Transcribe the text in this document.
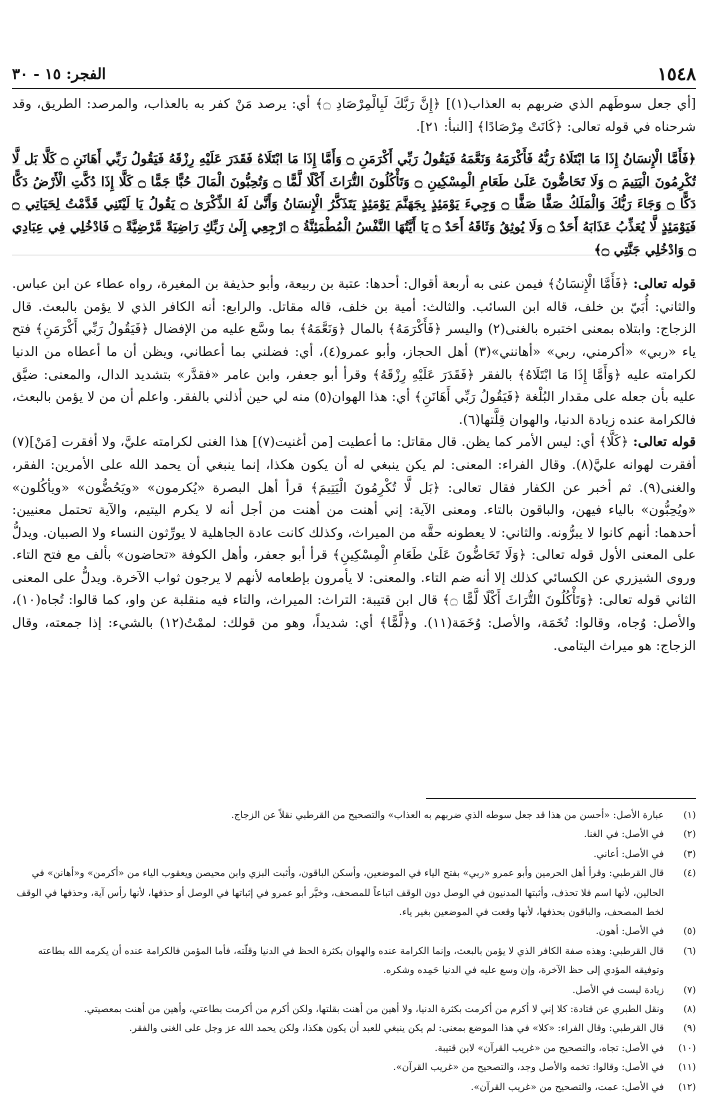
١٥٤٨
الفجر: ١٥ - ٣٠

[أي جعل سوطَهم الذي ضربهم به العذاب(١)] ﴿إِنَّ رَبَّكَ لَبِالْمِرْصَادِ ۝﴾ أي: يرصد مَنْ كفر به بالعذاب، والمرصد: الطريق، وقد شرحناه في قوله تعالى: ﴿كَانَتْ مِرْصَادًا﴾ [النبأ: ٢١].

﴿فَأَمَّا الْإِنسَانُ إِذَا مَا ابْتَلَاهُ رَبُّهُ فَأَكْرَمَهُ وَنَعَّمَهُ فَيَقُولُ رَبِّي أَكْرَمَنِ ۝ وَأَمَّا إِذَا مَا ابْتَلَاهُ فَقَدَرَ عَلَيْهِ رِزْقَهُ فَيَقُولُ رَبِّي أَهَانَنِ ۝ كَلَّا بَل لَّا تُكْرِمُونَ الْيَتِيمَ ۝ وَلَا تَحَاضُّونَ عَلَىٰ طَعَامِ الْمِسْكِينِ ۝ وَتَأْكُلُونَ التُّرَاثَ أَكْلًا لَّمًّا ۝ وَتُحِبُّونَ الْمَالَ حُبًّا جَمًّا ۝ كَلَّا إِذَا دُكَّتِ الْأَرْضُ دَكًّا دَكًّا ۝ وَجَاءَ رَبُّكَ وَالْمَلَكُ صَفًّا صَفًّا ۝ وَجِيءَ يَوْمَئِذٍ بِجَهَنَّمَ يَوْمَئِذٍ يَتَذَكَّرُ الْإِنسَانُ وَأَنَّىٰ لَهُ الذِّكْرَىٰ ۝ يَقُولُ يَا لَيْتَنِي قَدَّمْتُ لِحَيَاتِي ۝ فَيَوْمَئِذٍ لَّا يُعَذِّبُ عَذَابَهُ أَحَدٌ ۝ وَلَا يُوثِقُ وَثَاقَهُ أَحَدٌ ۝ يَا أَيَّتُهَا النَّفْسُ الْمُطْمَئِنَّةُ ۝ ارْجِعِي إِلَىٰ رَبِّكِ رَاضِيَةً مَّرْضِيَّةً ۝ فَادْخُلِي فِي عِبَادِي ۝ وَادْخُلِي جَنَّتِي ۝﴾

قوله تعالى: ﴿فَأَمَّا الْإِنسَانُ﴾ فيمن عنى به أربعة أقوال: أحدها: عتبة بن ربيعة، وأبو حذيفة بن المغيرة، رواه عطاء عن ابن عباس. والثاني: أُبَيّ بن خلف، قاله ابن السائب. والثالث: أمية بن خلف، قاله مقاتل. والرابع: أنه الكافر الذي لا يؤمن بالبعث. قال الزجاج: وابتلاه بمعنى اختبره بالغنى(٢) واليسر ﴿فَأَكْرَمَهُ﴾ بالمال ﴿وَنَعَّمَهُ﴾ بما وسَّع عليه من الإفضال ﴿فَيَقُولُ رَبِّي أَكْرَمَنِ﴾ فتح ياء «ربي» «أكرمني، ربي» «أهانني»(٣) أهل الحجاز، وأبو عمرو(٤)، أي: فضلني بما أعطاني، ويظن أن ما أعطاه من الدنيا لكرامته عليه ﴿وَأَمَّا إِذَا مَا ابْتَلَاهُ﴾ بالفقر ﴿فَقَدَرَ عَلَيْهِ رِزْقَهُ﴾ وقرأ أبو جعفر، وابن عامر «فقدَّر» بتشديد الدال، والمعنى: ضيَّق عليه بأن جعله على مقدار البُلْغة ﴿فَيَقُولُ رَبِّي أَهَانَنِ﴾ أي: هذا الهوان(٥) منه لي حين أذلني بالفقر. واعلم أن من لا يؤمن بالبعث، فالكرامة عنده زيادة الدنيا، والهوان قِلَّتها(٦).

قوله تعالى: ﴿كَلَّا﴾ أي: ليس الأمر كما يظن. قال مقاتل: ما أعطيت [من أغنيت(٧)] هذا الغنى لكرامته عليَّ، ولا أفقرت [مَنْ](٧) أفقرت لهوانه عليَّ(٨). وقال الفراء: المعنى: لم يكن ينبغي له أن يكون هكذا، إنما ينبغي أن يحمد الله على الأمرين: الفقر، والغنى(٩). ثم أخبر عن الكفار فقال تعالى: ﴿بَل لَّا تُكْرِمُونَ الْيَتِيمَ﴾ قرأ أهل البصرة «يُكرمون» «ويَحُضُّون» «ويأكُلون» «ويُحِبُّون» بالياء فيهن، والباقون بالتاء. ومعنى الآية: إني أهنت من أهنت من أجل أنه لا يكرم اليتيم، والآية تحتمل معنيين: أحدهما: أنهم كانوا لا يبرُّونه. والثاني: لا يعطونه حقَّه من الميراث، وكذلك كانت عادة الجاهلية لا يورِّثون النساء ولا الصبيان. ويدلُّ على المعنى الأول قوله تعالى: ﴿وَلَا تَحَاضُّونَ عَلَىٰ طَعَامِ الْمِسْكِينِ﴾ قرأ أبو جعفر، وأهل الكوفة «تحاضون» بألف مع فتح التاء. وروى الشيزري عن الكسائي كذلك إلا أنه ضم التاء. والمعنى: لا يأمرون بإطعامه لأنهم لا يرجون ثواب الآخرة. ويدلُّ على المعنى الثاني قوله تعالى: ﴿وَتَأْكُلُونَ التُّرَاثَ أَكْلًا لَّمًّا ۝﴾ قال ابن قتيبة: التراث: الميراث، والتاء فيه منقلبة عن واو، كما قالوا: تُجاه(١٠)، والأصل: وُجاه، وقالوا: تُخَمَة، والأصل: وُخَمَة(١١). و﴿لَّمًّا﴾ أي: شديداً، وهو من قولك: لممْتُ(١٢) بالشيء: إذا جمعته، وقال الزجاج: هو ميراث اليتامى.

(١)
عبارة الأصل: «أحسن من هذا قد جعل سوطه الذي ضربهم به العذاب» والتصحيح من القرطبي نقلاً عن الزجاج.
(٢)
في الأصل: في الغنا.
(٣)
في الأصل: أعاني.
(٤)
قال القرطبي: وقرأ أهل الحرمين وأبو عمرو «ربي» بفتح الياء في الموضعين، وأسكن الباقون، وأثبت البزي وابن محيصن ويعقوب الياء من «أكرمن» و«أهانن» في الحالين، لأنها اسم فلا تحذف، وأثبتها المدنيون في الوصل دون الوقف اتباعاً للمصحف، وخيَّر أبو عمرو في إثباتها في الوصل أو حذفها، لأنها رأس آية، وحذفها في الوقف لخط المصحف، والباقون بحذفها، لأنها وقعت في الموضعين بغير ياء.
(٥)
في الأصل: أهون.
(٦)
قال القرطبي: وهذه صفة الكافر الذي لا يؤمن بالبعث، وإنما الكرامة عنده والهوان بكثرة الحظ في الدنيا وقلّته، فأما المؤمن فالكرامة عنده أن يكرمه الله بطاعته وتوفيقه المؤدي إلى حظ الآخرة، وإن وسع عليه في الدنيا حَمِده وشكره.
(٧)
زيادة ليست في الأصل.
(٨)
ونقل الطبري عن قتادة: كلا إني لا أكرم من أكرمت بكثرة الدنيا، ولا أهين من أهنت بقلتها، ولكن أكرم من أكرمت بطاعتي، وأهين من أهنت بمعصيتي.
(٩)
قال القرطبي: وقال الفراء: «كلا» في هذا الموضع بمعنى: لم يكن ينبغي للعبد أن يكون هكذا، ولكن يحمد الله عز وجل على الغنى والفقر.
(١٠)
في الأصل: تجاه، والتصحيح من «غريب القرآن» لابن قتيبة.
(١١)
في الأصل: وقالوا: تخمه والأصل وجد، والتصحيح من «غريب القرآن».
(١٢)
في الأصل: عمت، والتصحيح من «غريب القرآن».
